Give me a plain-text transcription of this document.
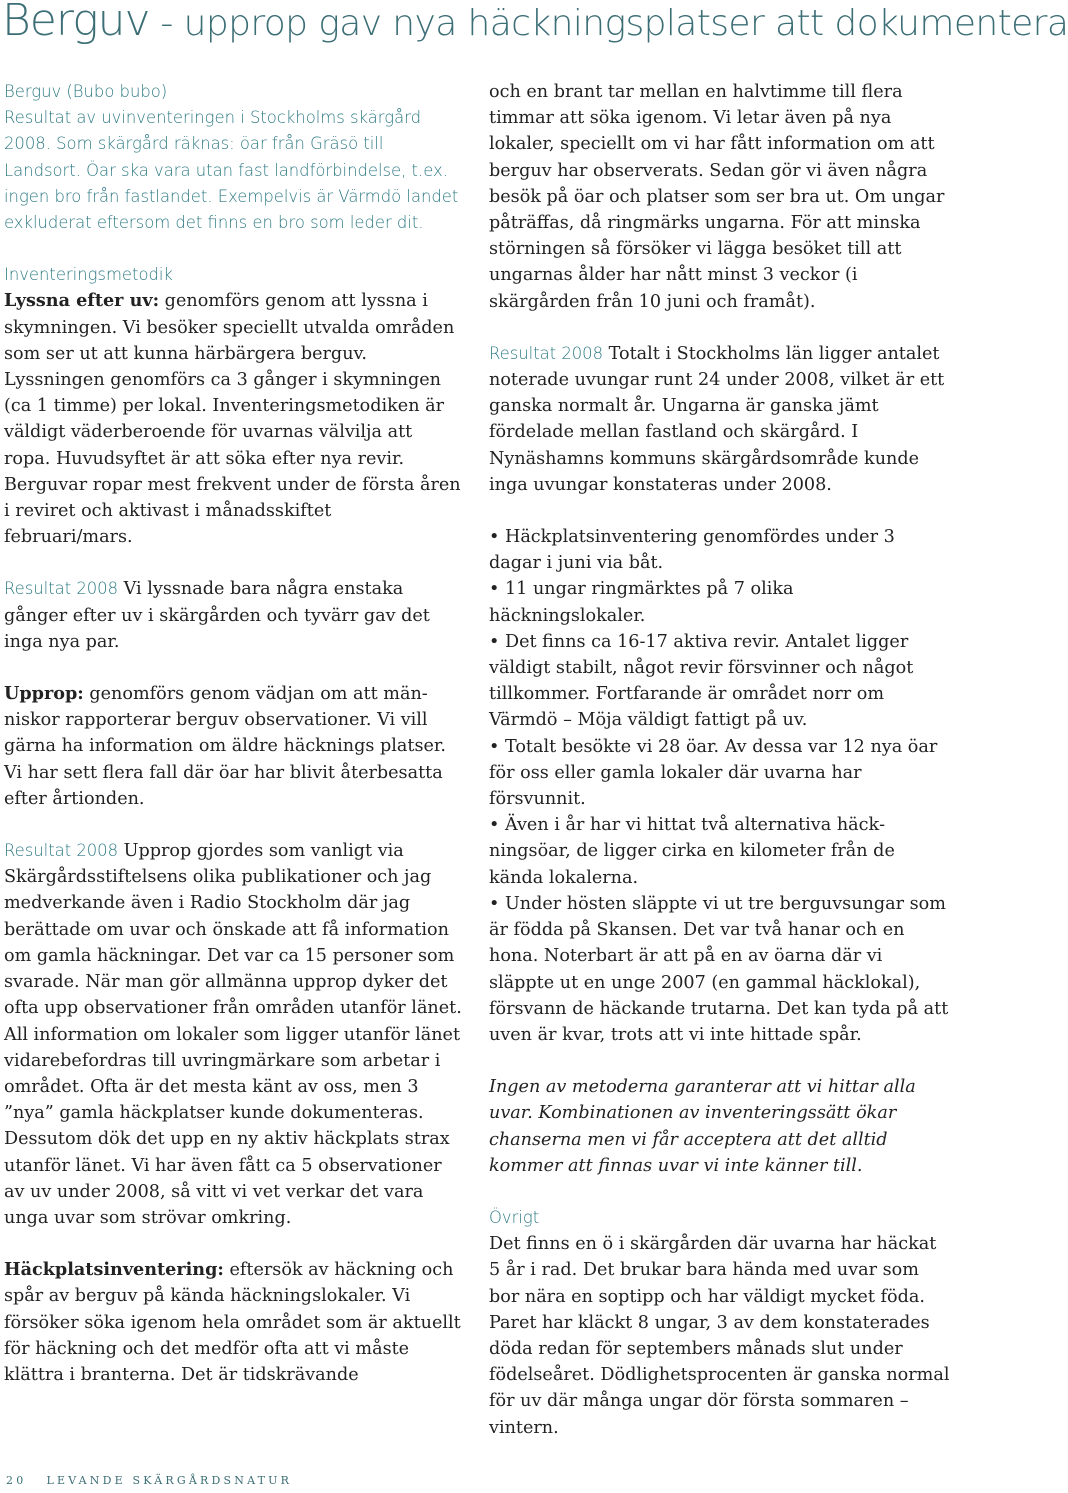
Berguv - upprop gav nya häckningsplatser att dokumentera

Berguv (Bubo bubo)

Resultat av uvinventeringen i Stockholms skärgård 2008. Som skärgård räknas: öar från Gräsö till Landsort. Öar ska vara utan fast landförbindelse, t.ex. ingen bro från fastlandet. Exempelvis är Värmdö landet exkluderat eftersom det finns en bro som leder dit.

Inventeringsmetodik

Lyssna efter uv: genomförs genom att lyssna i skymningen. Vi besöker speciellt utvalda områden som ser ut att kunna härbärgera berguv. Lyssningen genomförs ca 3 gånger i skymningen (ca 1 timme) per lokal. Inventeringsmetodiken är väldigt väderberoende för uvarnas välvilja att ropa. Huvudsyftet är att söka efter nya revir. Berguvar ropar mest frekvent under de första åren i reviret och aktivast i månadsskiftet februari/mars.

Resultat 2008 Vi lyssnade bara några enstaka gånger efter uv i skärgården och tyvärr gav det inga nya par.

Upprop: genomförs genom vädjan om att människor rapporterar berguv observationer. Vi vill gärna ha information om äldre häcknings platser. Vi har sett flera fall där öar har blivit återbesatta efter årtionden.

Resultat 2008 Upprop gjordes som vanligt via Skärgårdsstiftelsens olika publikationer och jag medverkande även i Radio Stockholm där jag berättade om uvar och önskade att få information om gamla häckningar. Det var ca 15 personer som svarade. När man gör allmänna upprop dyker det ofta upp observationer från områden utanför länet. All information om lokaler som ligger utanför länet vidarebefordras till uvringmärkare som arbetar i området. Ofta är det mesta känt av oss, men 3 ”nya” gamla häckplatser kunde dokumenteras. Dessutom dök det upp en ny aktiv häckplats strax utanför länet. Vi har även fått ca 5 observationer av uv under 2008, så vitt vi vet verkar det vara unga uvar som strövar omkring.

Häckplatsinventering: eftersök av häckning och spår av berguv på kända häckningslokaler. Vi försöker söka igenom hela området som är aktuellt för häckning och det medför ofta att vi måste klättra i branterna. Det är tidskrävande

och en brant tar mellan en halvtimme till flera timmar att söka igenom. Vi letar även på nya lokaler, speciellt om vi har fått information om att berguv har observerats. Sedan gör vi även några besök på öar och platser som ser bra ut. Om ungar påträffas, då ringmärks ungarna. För att minska störningen så försöker vi lägga besöket till att ungarnas ålder har nått minst 3 veckor (i skärgården från 10 juni och framåt).

Resultat 2008 Totalt i Stockholms län ligger antalet noterade uvungar runt 24 under 2008, vilket är ett ganska normalt år. Ungarna är ganska jämt fördelade mellan fastland och skärgård. I Nynäshamns kommuns skärgårdsområde kunde inga uvungar konstateras under 2008.

• Häckplatsinventering genomfördes under 3 dagar i juni via båt.

• 11 ungar ringmärktes på 7 olika häckningslokaler.

• Det finns ca 16-17 aktiva revir. Antalet ligger väldigt stabilt, något revir försvinner och något tillkommer. Fortfarande är området norr om Värmdö – Möja väldigt fattigt på uv.

• Totalt besökte vi 28 öar. Av dessa var 12 nya öar för oss eller gamla lokaler där uvarna har försvunnit.

• Även i år har vi hittat två alternativa häckningsöar, de ligger cirka en kilometer från de kända lokalerna.

• Under hösten släppte vi ut tre berguvsungar som är födda på Skansen. Det var två hanar och en hona. Noterbart är att på en av öarna där vi släppte ut en unge 2007 (en gammal häcklokal), försvann de häckande trutarna. Det kan tyda på att uven är kvar, trots att vi inte hittade spår.

Ingen av metoderna garanterar att vi hittar alla uvar. Kombinationen av inventeringssätt ökar chanserna men vi får acceptera att det alltid kommer att finnas uvar vi inte känner till.

Övrigt

Det finns en ö i skärgården där uvarna har häckat 5 år i rad. Det brukar bara hända med uvar som bor nära en soptipp och har väldigt mycket föda. Paret har kläckt 8 ungar, 3 av dem konstaterades döda redan för septembers månads slut under födelseåret. Dödlighetsprocenten är ganska normal för uv där många ungar dör första sommaren – vintern.

20 LEVANDE SKÄRGÅRDSNATUR
